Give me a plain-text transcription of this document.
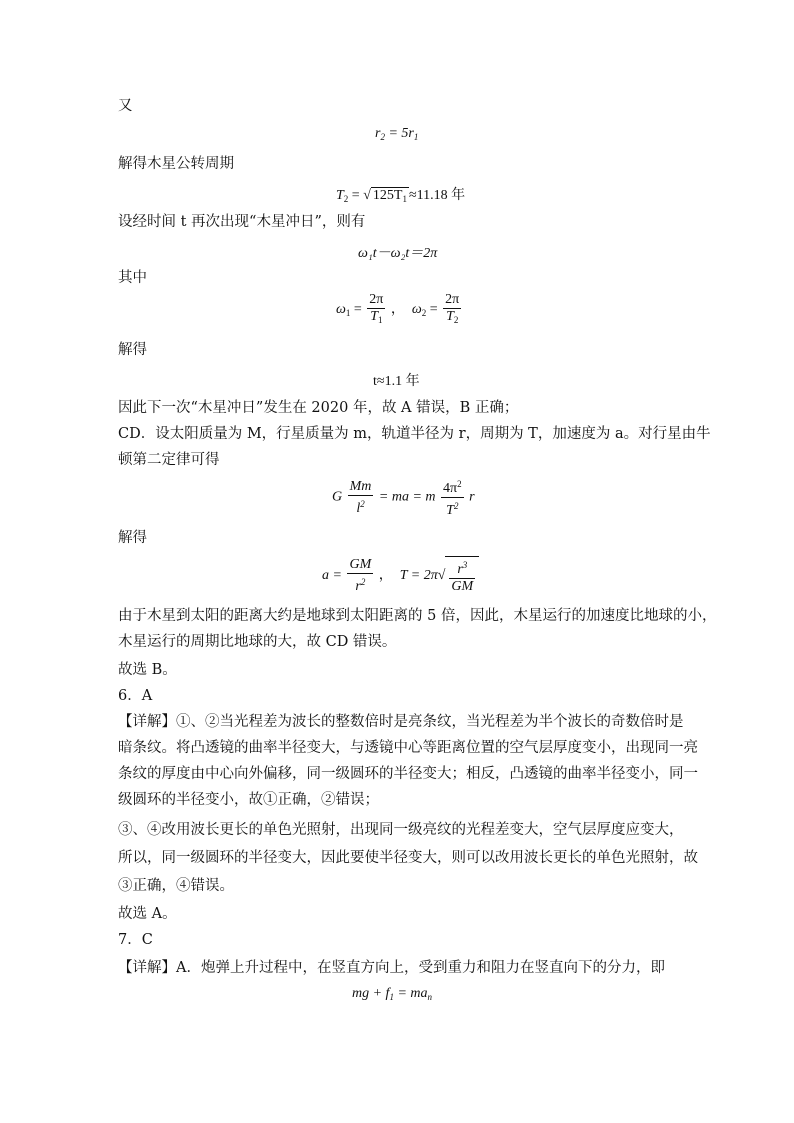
又
$r_2 = 5r_1$
解得木星公转周期
$T_2$ = √ $125T_1 \approx 11.18$ 年
设经时间 t 再次出现“木星冲日”，则有
ω₁t－ω₂t＝2π
其中
$\omega_1 = \frac{2\pi}{T_1}$ ， $\omega_2 = \frac{2\pi}{T_2}$
解得
t≈1.1 年
因此下一次“木星冲日”发生在 2020 年，故 A 错误，B 正确；
CD．设太阳质量为 M，行星质量为 m，轨道半径为 r，周期为 T，加速度为 a。对行星由牛
顿第二定律可得
G $\frac{Mm}{l^2}$ = ma = m $\frac{4\pi^2}{T^2}$ r
解得
$a = \frac{GM}{r^2}$ ， $T = 2\pi√ \frac{r^3}{GM}$
由于木星到太阳的距离大约是地球到太阳距离的 5 倍，因此，木星运行的加速度比地球的小，
木星运行的周期比地球的大，故 CD 错误。
故选 B。
6．A
【详解】①、②当光程差为波长的整数倍时是亮条纹，当光程差为半个波长的奇数倍时是
暗条纹。将凸透镜的曲率半径变大，与透镜中心等距离位置的空气层厚度变小，出现同一亮
条纹的厚度由中心向外偏移，同一级圆环的半径变大；相反，凸透镜的曲率半径变小，同一
级圆环的半径变小，故①正确，②错误；
③、④改用波长更长的单色光照射，出现同一级亮纹的光程差变大，空气层厚度应变大，
所以，同一级圆环的半径变大，因此要使半径变大，则可以改用波长更长的单色光照射，故
③正确，④错误。
故选 A。
7．C
【详解】A．炮弹上升过程中，在竖直方向上，受到重力和阻力在竖直向下的分力，即
mg + $f_1 = ma_n$
